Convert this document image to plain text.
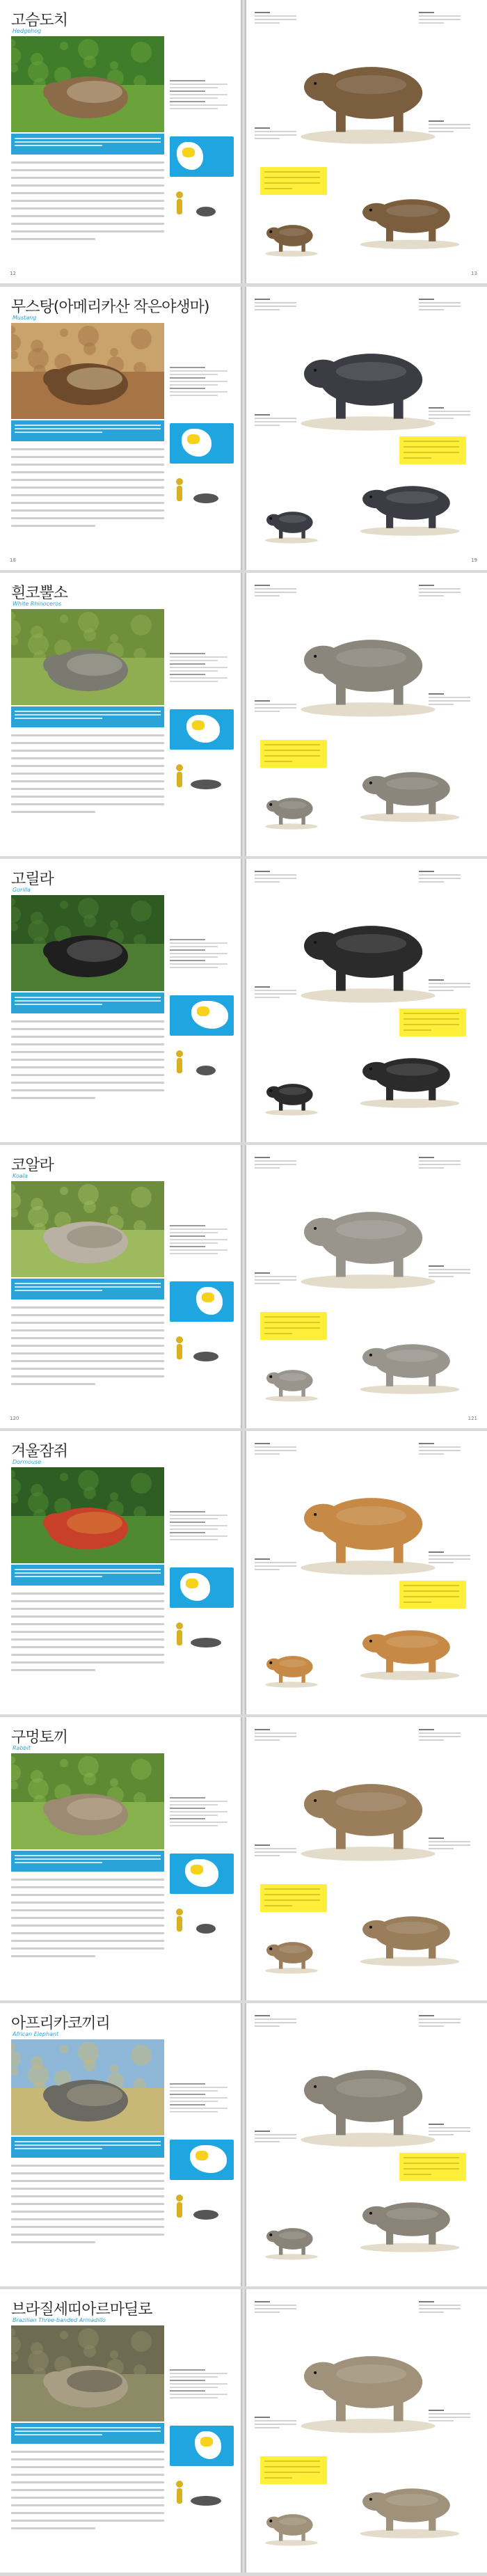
고슴도치
Hedgehog
12	13
무스탕(아메리카산 작은야생마)
Mustang
18	19
흰코뿔소
White Rhinoceros
고릴라
Gorilla
코알라
Koala
120	121
겨울잠쥐
Dormouse
구멍토끼
Rabbit
아프리카코끼리
African Elephant
브라질세띠아르마딜로
Brazilian Three-banded Armadillo
